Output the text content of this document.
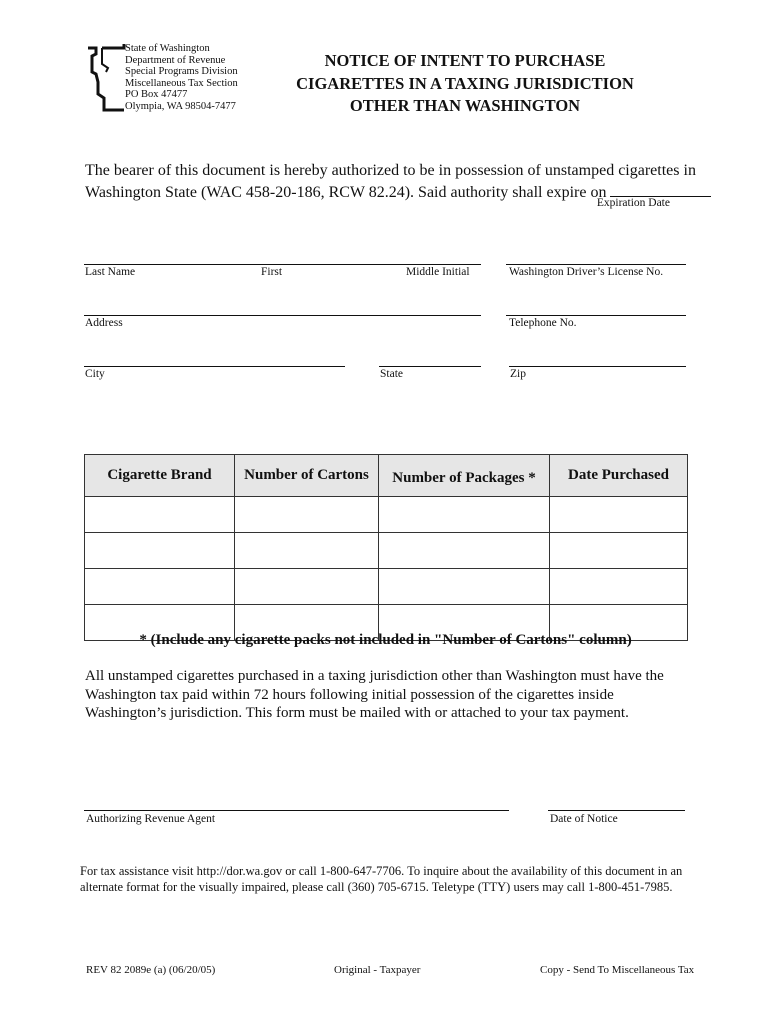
State of Washington
Department of Revenue
Special Programs Division
Miscellaneous Tax Section
PO Box 47477
Olympia, WA 98504-7477
NOTICE OF INTENT TO PURCHASE
CIGARETTES IN A TAXING JURISDICTION
OTHER THAN WASHINGTON
The bearer of this document is hereby authorized to be in possession of unstamped cigarettes in
Washington State (WAC 458-20-186, RCW 82.24). Said authority shall expire on
Expiration Date
Last Name	First	Middle Initial	Washington Driver’s License No.
Address	Telephone No.
City	State	Zip
Cigarette Brand	Number of Cartons	Number of Packages *	Date Purchased

* (Include any cigarette packs not included in "Number of Cartons" column)
All unstamped cigarettes purchased in a taxing jurisdiction other than Washington must have the
Washington tax paid within 72 hours following initial possession of the cigarettes inside
Washington’s jurisdiction. This form must be mailed with or attached to your tax payment.
Authorizing Revenue Agent	Date of Notice
For tax assistance visit http://dor.wa.gov or call 1-800-647-7706. To inquire about the availability of this document in an
alternate format for the visually impaired, please call (360) 705-6715. Teletype (TTY) users may call 1-800-451-7985.
REV 82 2089e (a) (06/20/05)	Original - Taxpayer	Copy - Send To Miscellaneous Tax
